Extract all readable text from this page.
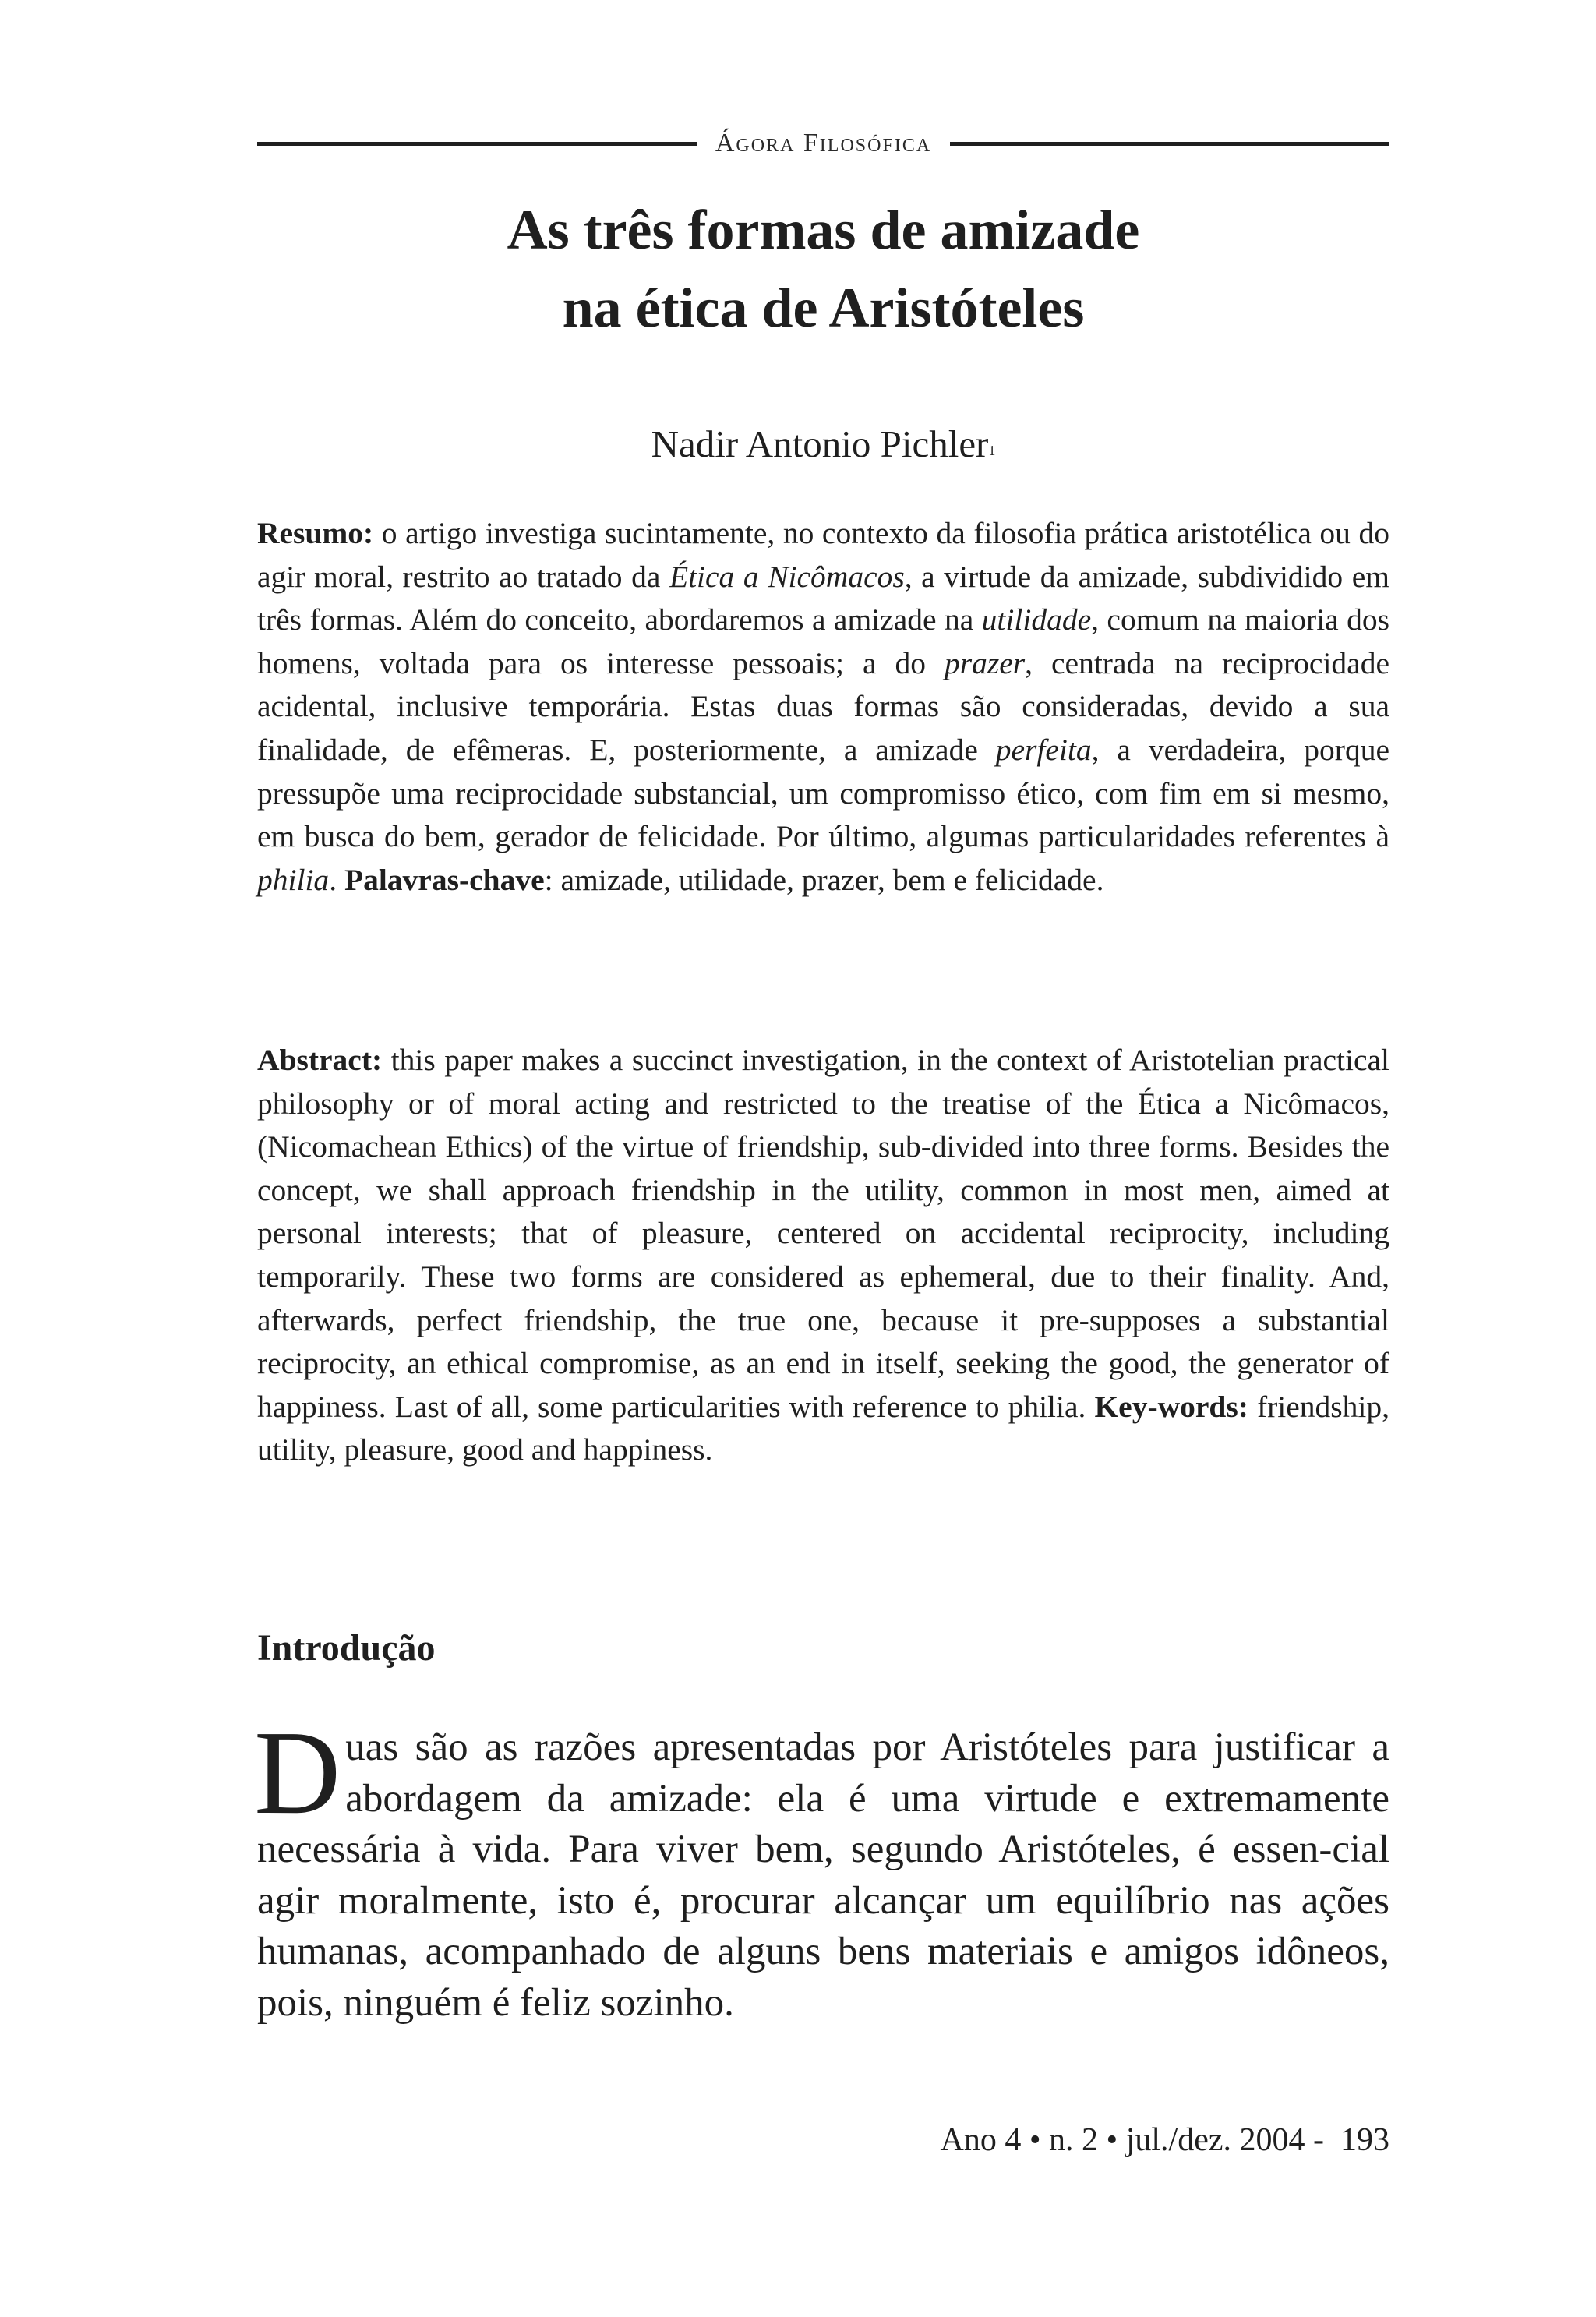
Ágora Filosófica
As três formas de amizade
na ética de Aristóteles
Nadir Antonio Pichler$^1$

Resumo: o artigo investiga sucintamente, no contexto da filosofia prática aristotélica ou do agir moral, restrito ao tratado da Ética a Nicômacos, a virtude da amizade, subdividido em três formas. Além do conceito, abordaremos a amizade na utilidade, comum na maioria dos homens, voltada para os interesse pessoais; a do prazer, centrada na reciprocidade acidental, inclusive temporária. Estas duas formas são consideradas, devido a sua finalidade, de efêmeras. E, posteriormente, a amizade perfeita, a verdadeira, porque pressupõe uma reciprocidade substancial, um compromisso ético, com fim em si mesmo, em busca do bem, gerador de felicidade. Por último, algumas particularidades referentes à philia. Palavras-chave: amizade, utilidade, prazer, bem e felicidade.

Abstract: this paper makes a succinct investigation, in the context of Aristotelian practical philosophy or of moral acting and restricted to the treatise of the Ética a Nicômacos, (Nicomachean Ethics) of the virtue of friendship, sub-divided into three forms. Besides the concept, we shall approach friendship in the utility, common in most men, aimed at personal interests; that of pleasure, centered on accidental reciprocity, including temporarily. These two forms are considered as ephemeral, due to their finality. And, afterwards, perfect friendship, the true one, because it pre-supposes a substantial reciprocity, an ethical compromise, as an end in itself, seeking the good, the generator of happiness. Last of all, some particularities with reference to philia. Key-words: friendship, utility, pleasure, good and happiness.

Introdução

Duas são as razões apresentadas por Aristóteles para justificar a abordagem da amizade: ela é uma virtude e extremamente necessária à vida. Para viver bem, segundo Aristóteles, é essen-cial agir moralmente, isto é, procurar alcançar um equilíbrio nas ações humanas, acompanhado de alguns bens materiais e amigos idôneos, pois, ninguém é feliz sozinho.

Ano 4 • n. 2 • jul./dez. 2004 -  193
